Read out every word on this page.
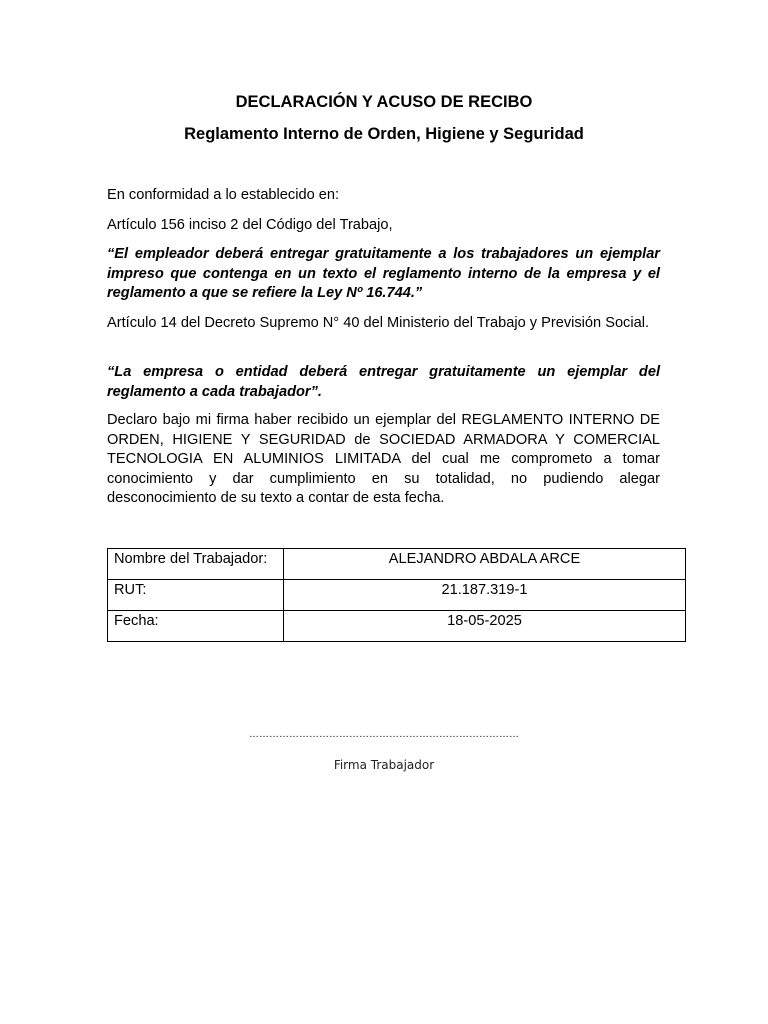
DECLARACIÓN Y ACUSO DE RECIBO
Reglamento Interno de Orden, Higiene y Seguridad

En conformidad a lo establecido en:

Artículo 156 inciso 2 del Código del Trabajo,

“El empleador deberá entregar gratuitamente a los trabajadores un ejemplar impreso que contenga en un texto el reglamento interno de la empresa y el reglamento a que se refiere la Ley Nº 16.744.”

Artículo 14 del Decreto Supremo N° 40 del Ministerio del Trabajo y Previsión Social.

“La empresa o entidad deberá entregar gratuitamente un ejemplar del reglamento a cada trabajador”.

Declaro bajo mi firma haber recibido un ejemplar del REGLAMENTO INTERNO DE ORDEN, HIGIENE Y SEGURIDAD de SOCIEDAD ARMADORA Y COMERCIAL TECNOLOGIA EN ALUMINIOS LIMITADA del cual me comprometo a tomar conocimiento y dar cumplimiento en su totalidad, no pudiendo alegar desconocimiento de su texto a contar de esta fecha.

Nombre del Trabajador:	ALEJANDRO ABDALA ARCE
RUT:	21.187.319-1
Fecha:	18-05-2025
………………………………………………………………………
Firma Trabajador
